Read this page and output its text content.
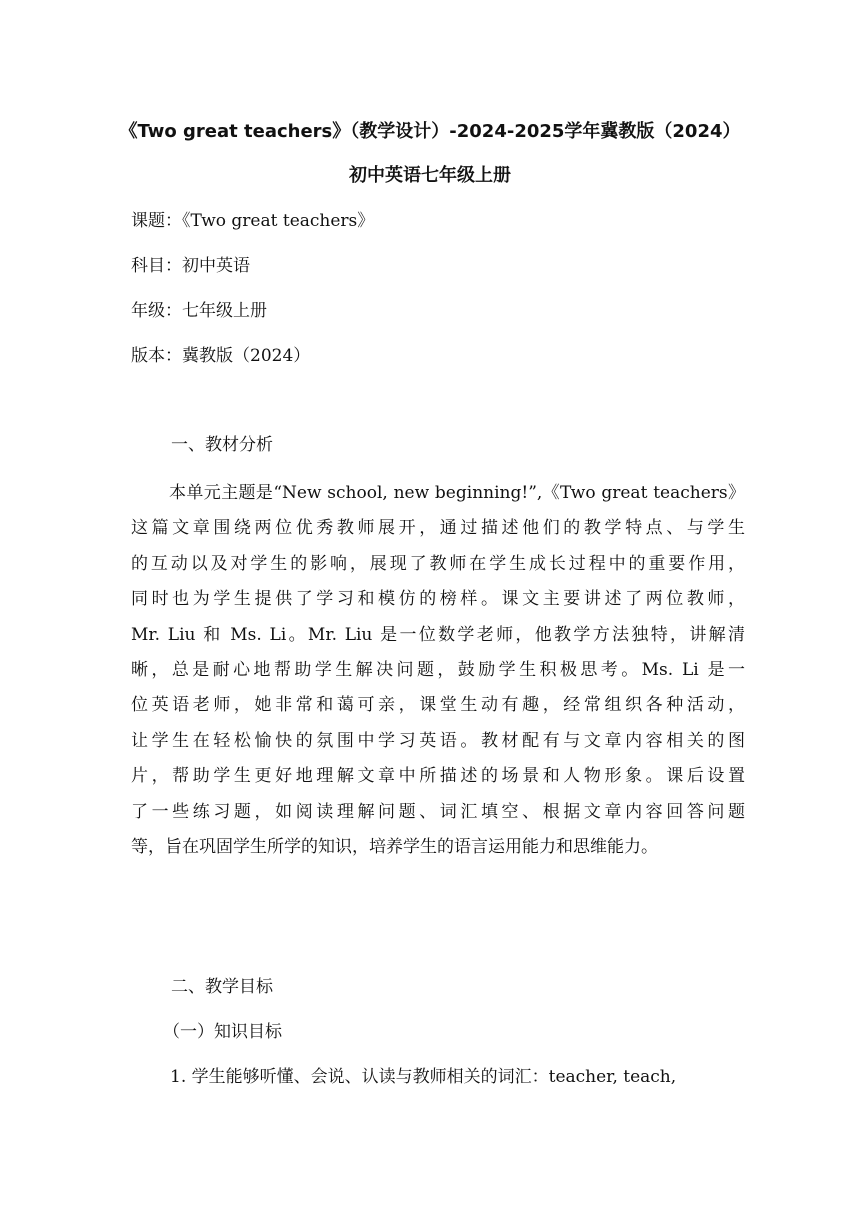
《Two great teachers》（教学设计）-2024-2025学年冀教版（2024）
初中英语七年级上册
课题：《Two great teachers》
科目：初中英语
年级：七年级上册
版本：冀教版（2024）
一、教材分析
本单元主题是“New school, new beginning!”,《Two great teachers》
这篇文章围绕两位优秀教师展开，通过描述他们的教学特点、与学生
的互动以及对学生的影响，展现了教师在学生成长过程中的重要作用，
同时也为学生提供了学习和模仿的榜样。课文主要讲述了两位教师，
Mr. Liu 和 Ms. Li。Mr. Liu 是一位数学老师，他教学方法独特，讲解清
晰，总是耐心地帮助学生解决问题，鼓励学生积极思考。Ms. Li 是一
位英语老师，她非常和蔼可亲，课堂生动有趣，经常组织各种活动，
让学生在轻松愉快的氛围中学习英语。教材配有与文章内容相关的图
片，帮助学生更好地理解文章中所描述的场景和人物形象。课后设置
了一些练习题，如阅读理解问题、词汇填空、根据文章内容回答问题
等，旨在巩固学生所学的知识，培养学生的语言运用能力和思维能力。
二、教学目标
（一）知识目标
1. 学生能够听懂、会说、认读与教师相关的词汇：teacher, teach,
